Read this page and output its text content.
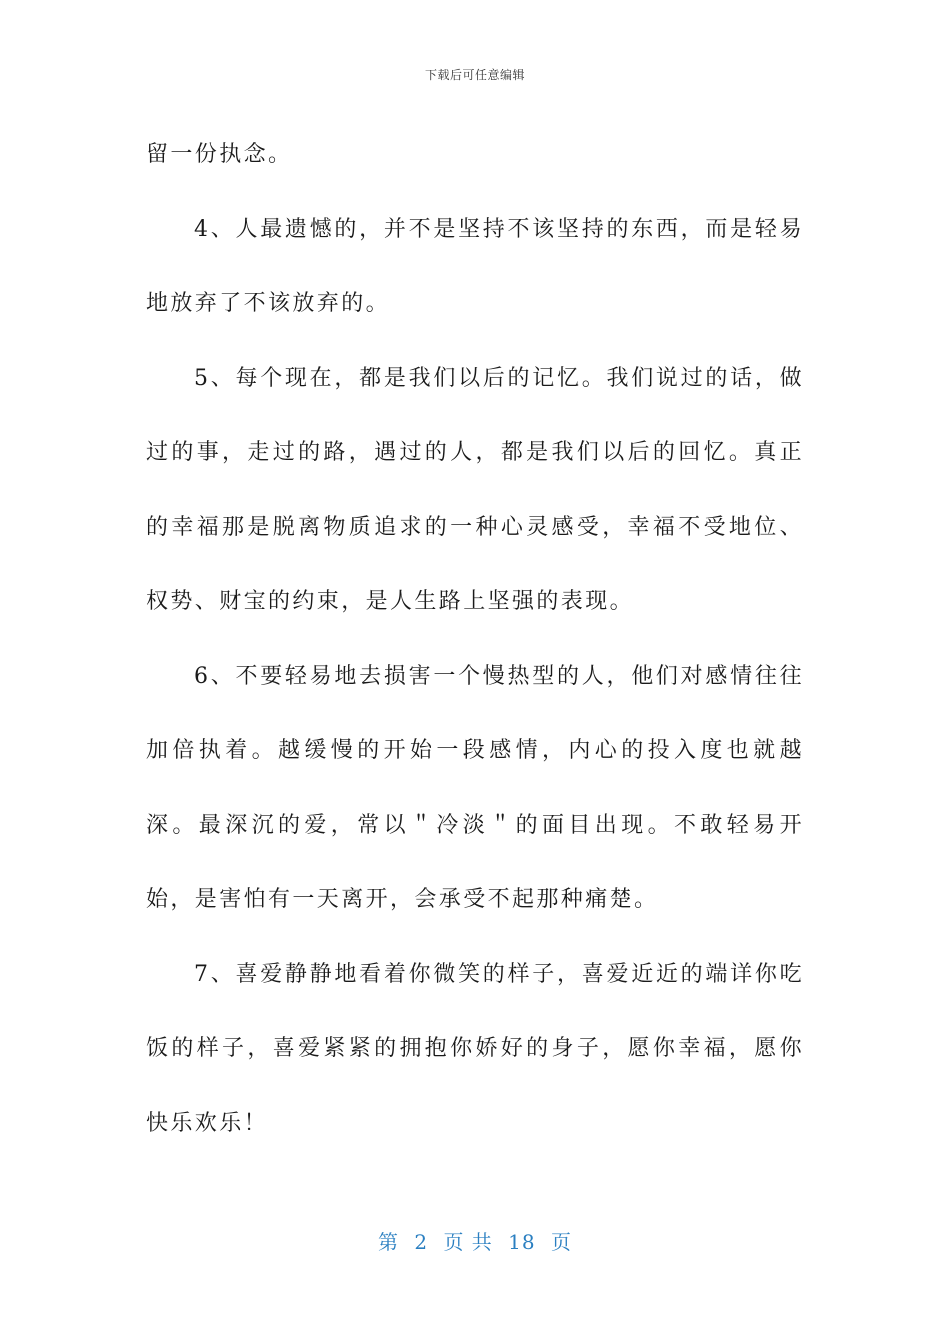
下载后可任意编辑

留一份执念。

4、人最遗憾的，并不是坚持不该坚持的东西，而是轻易地放弃了不该放弃的。

5、每个现在，都是我们以后的记忆。我们说过的话，做过的事，走过的路，遇过的人，都是我们以后的回忆。真正的幸福那是脱离物质追求的一种心灵感受，幸福不受地位、权势、财宝的约束，是人生路上坚强的表现。

6、不要轻易地去损害一个慢热型的人，他们对感情往往加倍执着。越缓慢的开始一段感情，内心的投入度也就越深。最深沉的爱，常以＂冷淡＂的面目出现。不敢轻易开始，是害怕有一天离开，会承受不起那种痛楚。

7、喜爱静静地看着你微笑的样子，喜爱近近的端详你吃饭的样子，喜爱紧紧的拥抱你娇好的身子，愿你幸福，愿你快乐欢乐！

第 2 页 共 18 页
